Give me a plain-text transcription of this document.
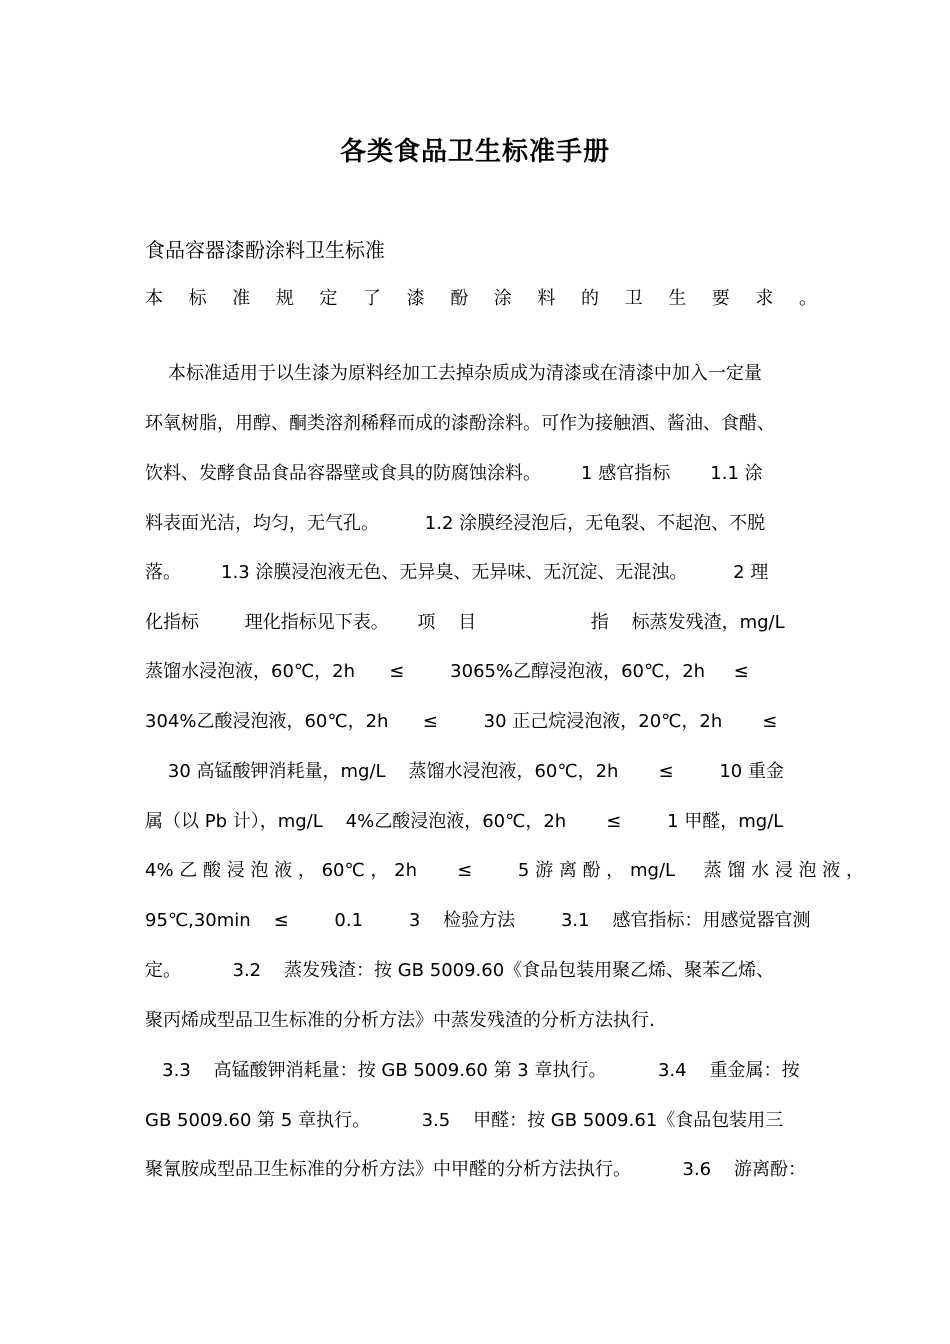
各类食品卫生标准手册
食品容器漆酚涂料卫生标准
本 标 准 规 定 了 漆 酚 涂 料 的 卫 生 要 求 。
本标准适用于以生漆为原料经加工去掉杂质成为清漆或在清漆中加入一定量
环氧树脂，用醇、酮类溶剂稀释而成的漆酚涂料。可作为接触酒、酱油、食醋、
饮料、发酵食品食品容器壁或食具的防腐蚀涂料。       1 感官指标       1.1 涂
料表面光洁，均匀，无气孔。        1.2 涂膜经浸泡后，无龟裂、不起泡、不脱
落。       1.3 涂膜浸泡液无色、无异臭、无异味、无沉淀、无混浊。        2 理
化指标        理化指标见下表。     项    目                    指    标蒸发残渣，mg/L
蒸馏水浸泡液，60℃，2h      ≤        3065%乙醇浸泡液，60℃，2h     ≤
304%乙酸浸泡液，60℃，2h      ≤        30 正己烷浸泡液，20℃，2h       ≤
30 高锰酸钾消耗量，mg/L    蒸馏水浸泡液，60℃，2h       ≤        10 重金
属（以 Pb 计），mg/L    4%乙酸浸泡液，60℃，2h       ≤        1 甲醛，mg/L
4% 乙 酸 浸 泡 液 ， 60℃ ， 2h       ≤        5 游 离 酚 ， mg/L     蒸 馏 水 浸 泡 液 ，
95℃,30min    ≤        0.1        3    检验方法        3.1    感官指标：用感觉器官测
定。         3.2    蒸发残渣：按 GB 5009.60《食品包装用聚乙烯、聚苯乙烯、
聚丙烯成型品卫生标准的分析方法》中蒸发残渣的分析方法执行.
3.3    高锰酸钾消耗量：按 GB 5009.60 第 3 章执行。         3.4    重金属：按
GB 5009.60 第 5 章执行。         3.5    甲醛：按 GB 5009.61《食品包装用三
聚氰胺成型品卫生标准的分析方法》中甲醛的分析方法执行。         3.6    游离酚：
